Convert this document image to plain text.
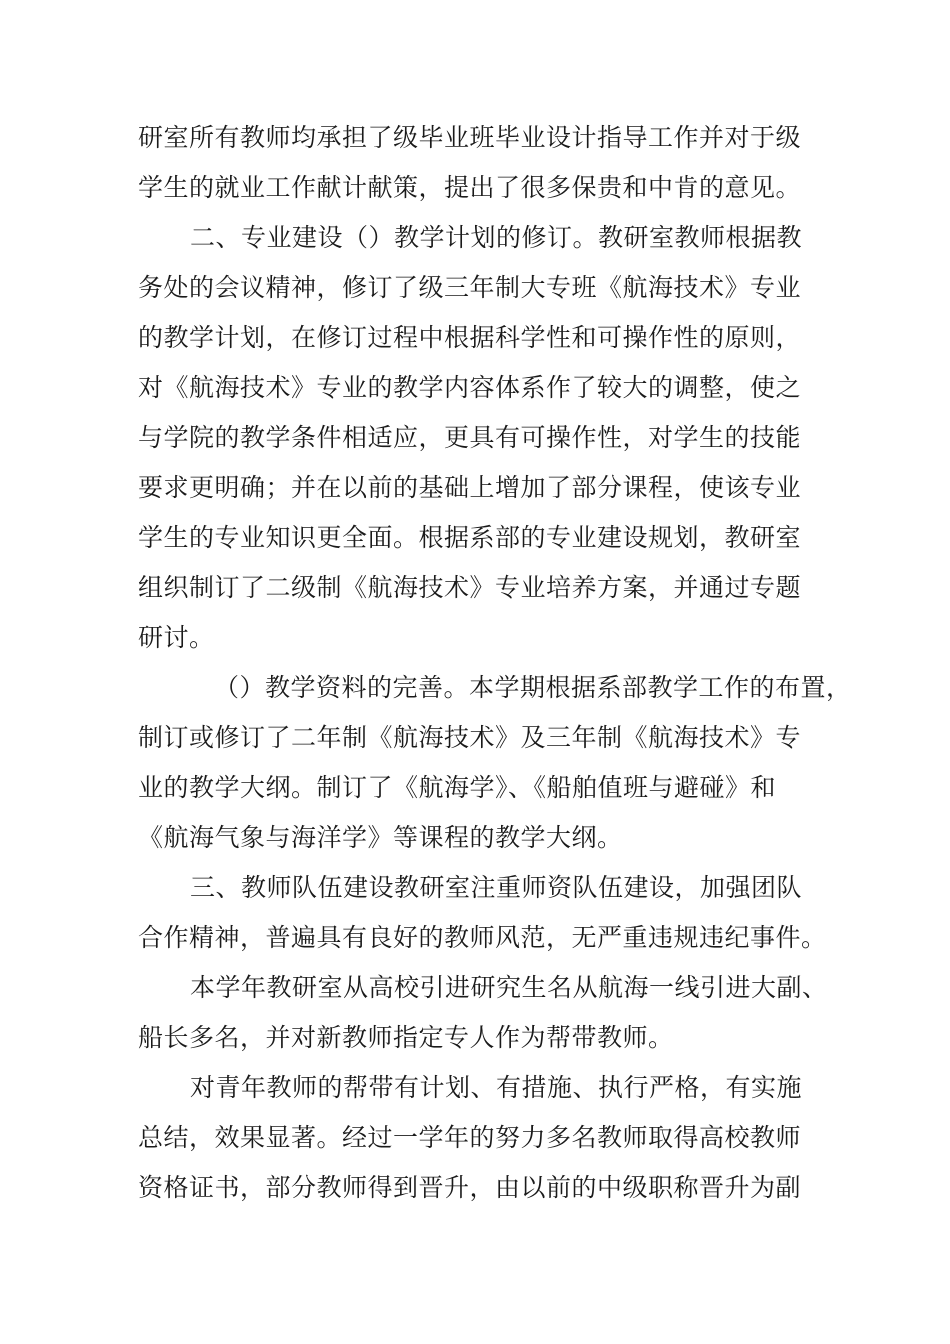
研室所有教师均承担了级毕业班毕业设计指导工作并对于级

学生的就业工作献计献策，提出了很多保贵和中肯的意见。

二、专业建设（）教学计划的修订。教研室教师根据教

务处的会议精神，修订了级三年制大专班《航海技术》专业

的教学计划，在修订过程中根据科学性和可操作性的原则，

对《航海技术》专业的教学内容体系作了较大的调整，使之

与学院的教学条件相适应，更具有可操作性，对学生的技能

要求更明确；并在以前的基础上增加了部分课程，使该专业

学生的专业知识更全面。根据系部的专业建设规划，教研室

组织制订了二级制《航海技术》专业培养方案，并通过专题

研讨。

（）教学资料的完善。本学期根据系部教学工作的布置，

制订或修订了二年制《航海技术》及三年制《航海技术》专

业的教学大纲。制订了《航海学》、《船舶值班与避碰》和

《航海气象与海洋学》等课程的教学大纲。

三、教师队伍建设教研室注重师资队伍建设，加强团队

合作精神，普遍具有良好的教师风范，无严重违规违纪事件。

本学年教研室从高校引进研究生名从航海一线引进大副、

船长多名，并对新教师指定专人作为帮带教师。

对青年教师的帮带有计划、有措施、执行严格，有实施

总结，效果显著。经过一学年的努力多名教师取得高校教师

资格证书，部分教师得到晋升，由以前的中级职称晋升为副
